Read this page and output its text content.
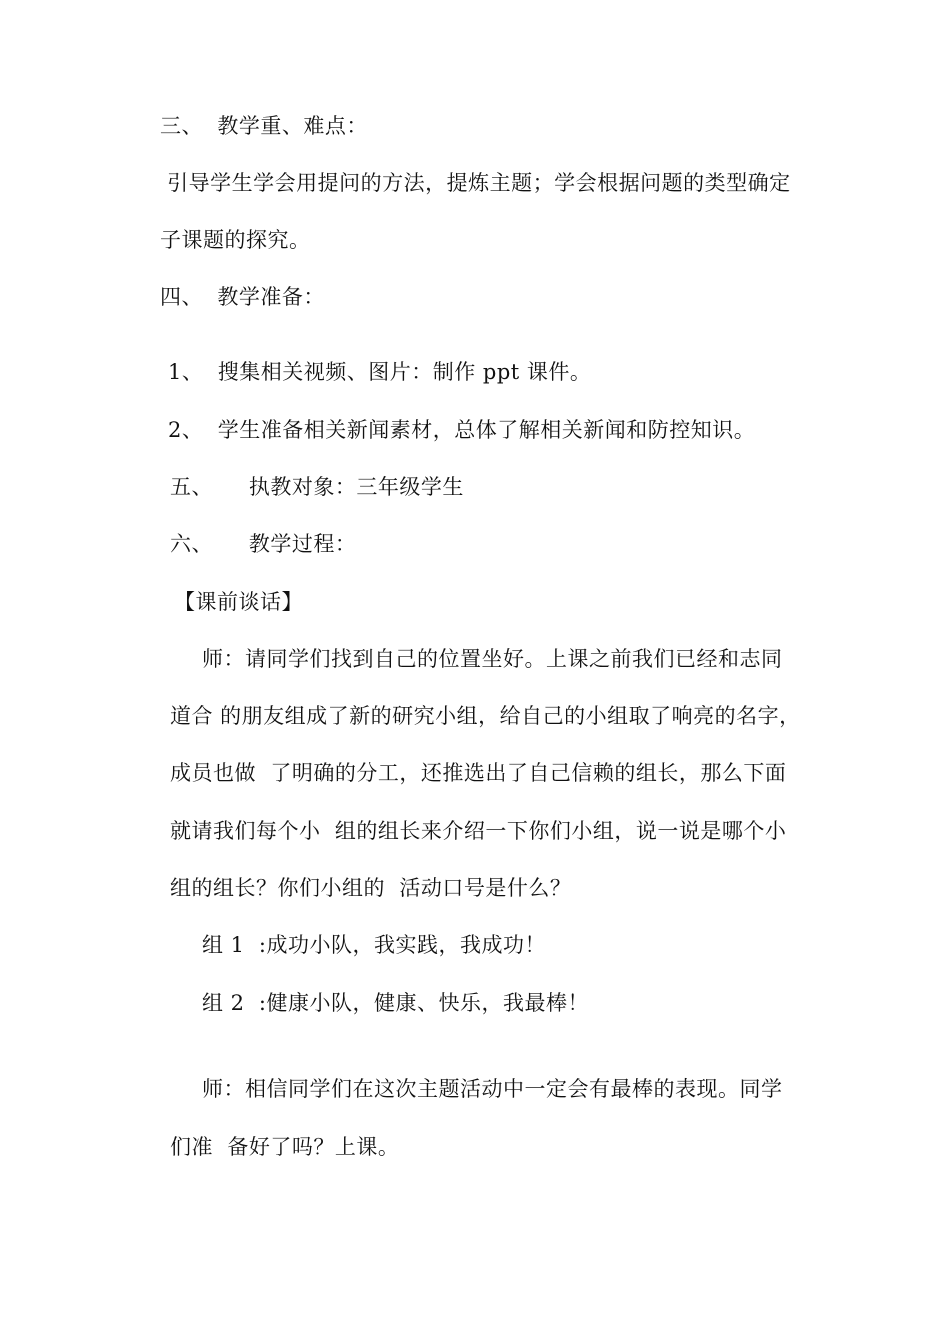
三、  教学重、难点：
引导学生学会用提问的方法，提炼主题；学会根据问题的类型确定
子课题的探究。
四、  教学准备：
1、  搜集相关视频、图片：制作 ppt 课件。
2、  学生准备相关新闻素材，总体了解相关新闻和防控知识。
五、     执教对象：三年级学生
六、     教学过程：
【课前谈话】
师：请同学们找到自己的位置坐好。上课之前我们已经和志同
道合 的朋友组成了新的研究小组，给自己的小组取了响亮的名字，
成员也做  了明确的分工，还推选出了自己信赖的组长，那么下面
就请我们每个小  组的组长来介绍一下你们小组，说一说是哪个小
组的组长？你们小组的  活动口号是什么？
组 1  :成功小队，我实践，我成功！
组 2  :健康小队，健康、快乐，我最棒！
师：相信同学们在这次主题活动中一定会有最棒的表现。同学
们准  备好了吗？上课。
